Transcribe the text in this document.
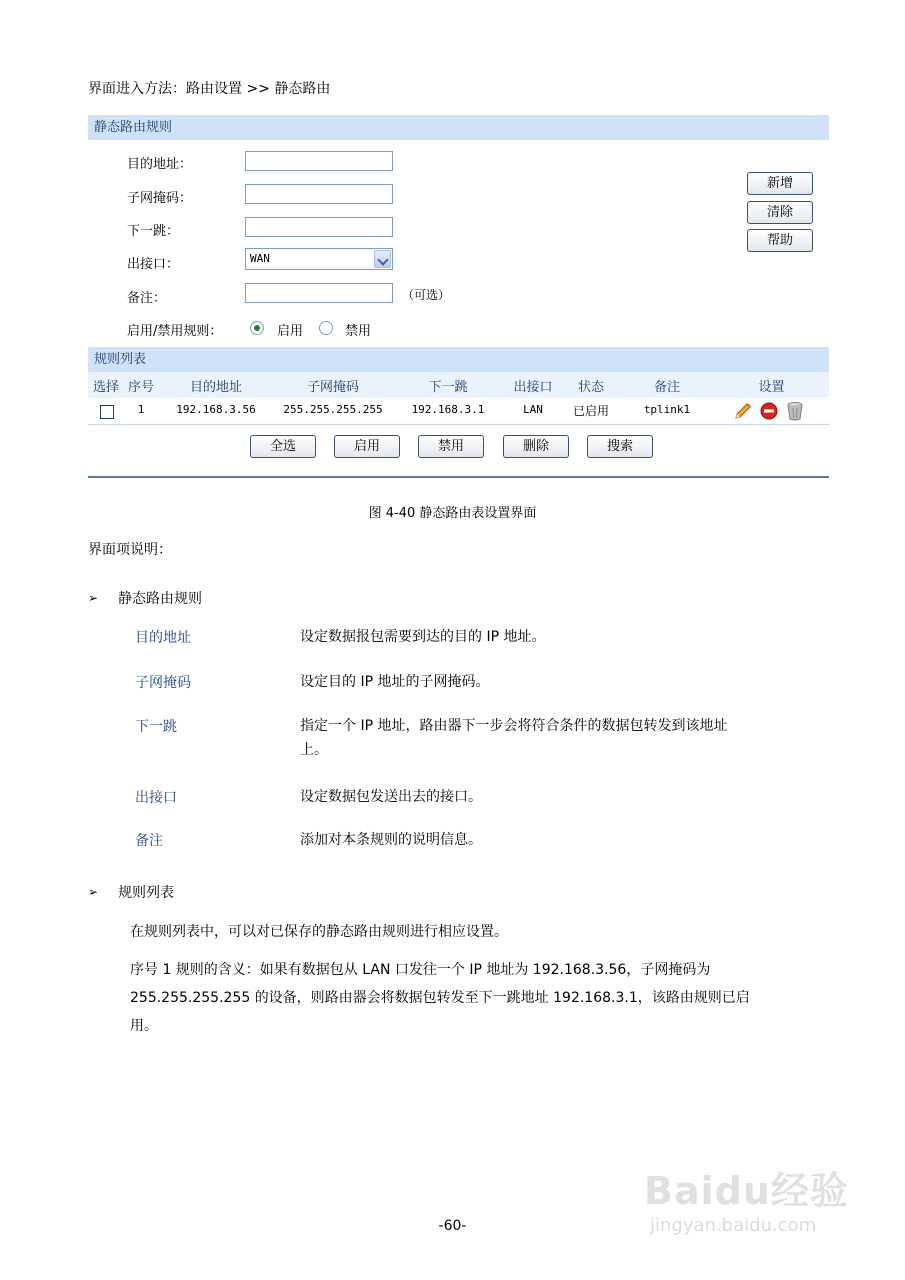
界面进入方法：路由设置 >> 静态路由
静态路由规则
目的地址：
子网掩码：
下一跳：
出接口：	WAN
备注：	（可选）
启用/禁用规则：	启用	禁用
新增
清除
帮助
规则列表
选择 序号	目的地址	子网掩码	下一跳	出接口	状态	备注	设置
1	192.168.3.56	255.255.255.255	192.168.3.1	LAN	已启用	tplink1
全选	启用	禁用	删除	搜索
图 4-40 静态路由表设置界面
界面项说明：
➢ 静态路由规则
目的地址	设定数据报包需要到达的目的 IP 地址。
子网掩码	设定目的 IP 地址的子网掩码。
下一跳	指定一个 IP 地址，路由器下一步会将符合条件的数据包转发到该地址
上。
出接口	设定数据包发送出去的接口。
备注	添加对本条规则的说明信息。
➢ 规则列表
在规则列表中，可以对已保存的静态路由规则进行相应设置。
序号 1 规则的含义：如果有数据包从 LAN 口发往一个 IP 地址为 192.168.3.56，子网掩码为
255.255.255.255 的设备，则路由器会将数据包转发至下一跳地址 192.168.3.1，该路由规则已启
用。
Baidu经验
jingyan.baidu.com
-60-
